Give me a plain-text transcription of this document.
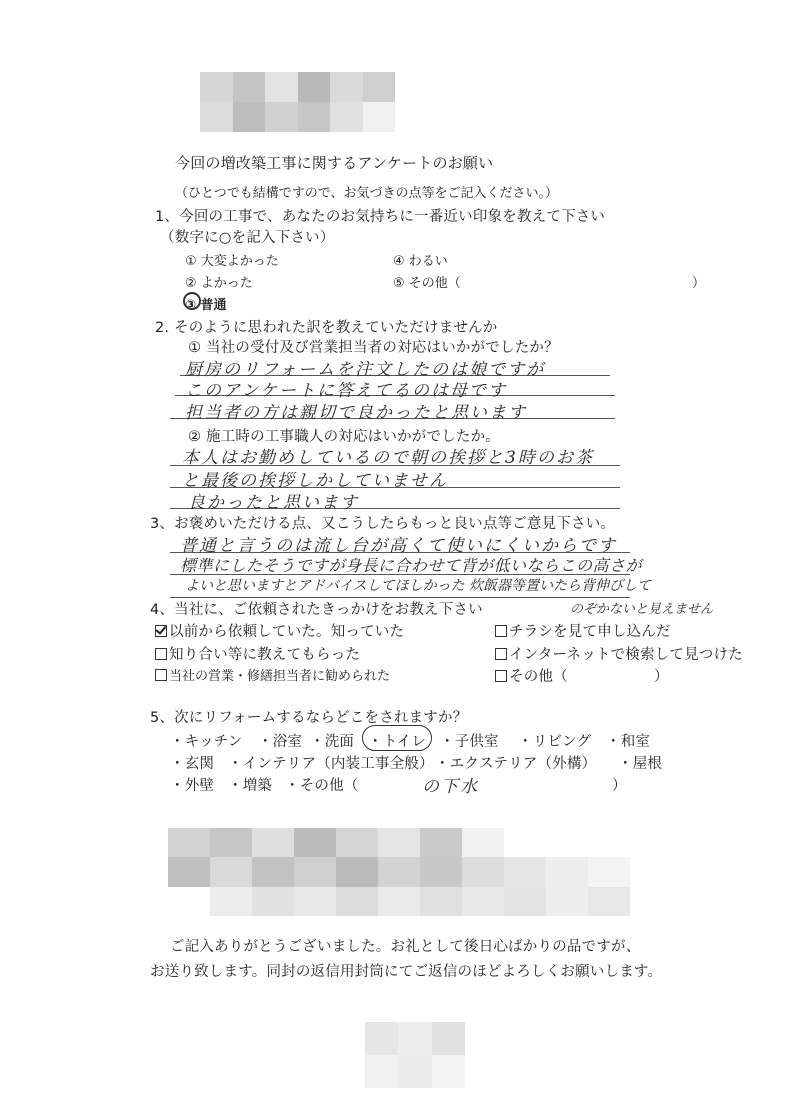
今回の増改築工事に関するアンケートのお願い
（ひとつでも結構ですので、お気づきの点等をご記入ください。）
1、今回の工事で、あなたのお気持ちに一番近い印象を教えて下さい
（数字に○を記入下さい）
① 大変よかった	④ わるい
② よかった	⑤ その他（	）
③ 普通
2. そのように思われた訳を教えていただけませんか
① 当社の受付及び営業担当者の対応はいかがでしたか？
厨房のリフォームを注文したのは娘ですが
このアンケートに答えてるのは母です
担当者の方は親切で良かったと思います
② 施工時の工事職人の対応はいかがでしたか。
本人はお勤めしているので朝の挨拶と3時のお茶
と最後の挨拶しかしていません
良かったと思います
3、お褒めいただける点、又こうしたらもっと良い点等ご意見下さい。
普通と言うのは流し台が高くて使いにくいからです
標準にしたそうですが身長に合わせて背が低いならこの高さが
よいと思いますとアドバイスしてほしかった 炊飯器等置いたら背伸びして
のぞかないと見えません
4、当社に、ご依頼されたきっかけをお教え下さい
以前から依頼していた。知っていた	チラシを見て申し込んだ
知り合い等に教えてもらった	インターネットで検索して見つけた
当社の営業・修繕担当者に勧められた	その他（	）
5、次にリフォームするならどこをされますか？
・キッチン ・浴室 ・洗面 ・トイレ ・子供室 ・リビング ・和室
・玄関 ・インテリア（内装工事全般） ・エクステリア（外構） ・屋根
・外壁 ・増築 ・その他（	）
の下水
ご記入ありがとうございました。お礼として後日心ばかりの品ですが、
お送り致します。同封の返信用封筒にてご返信のほどよろしくお願いします。
